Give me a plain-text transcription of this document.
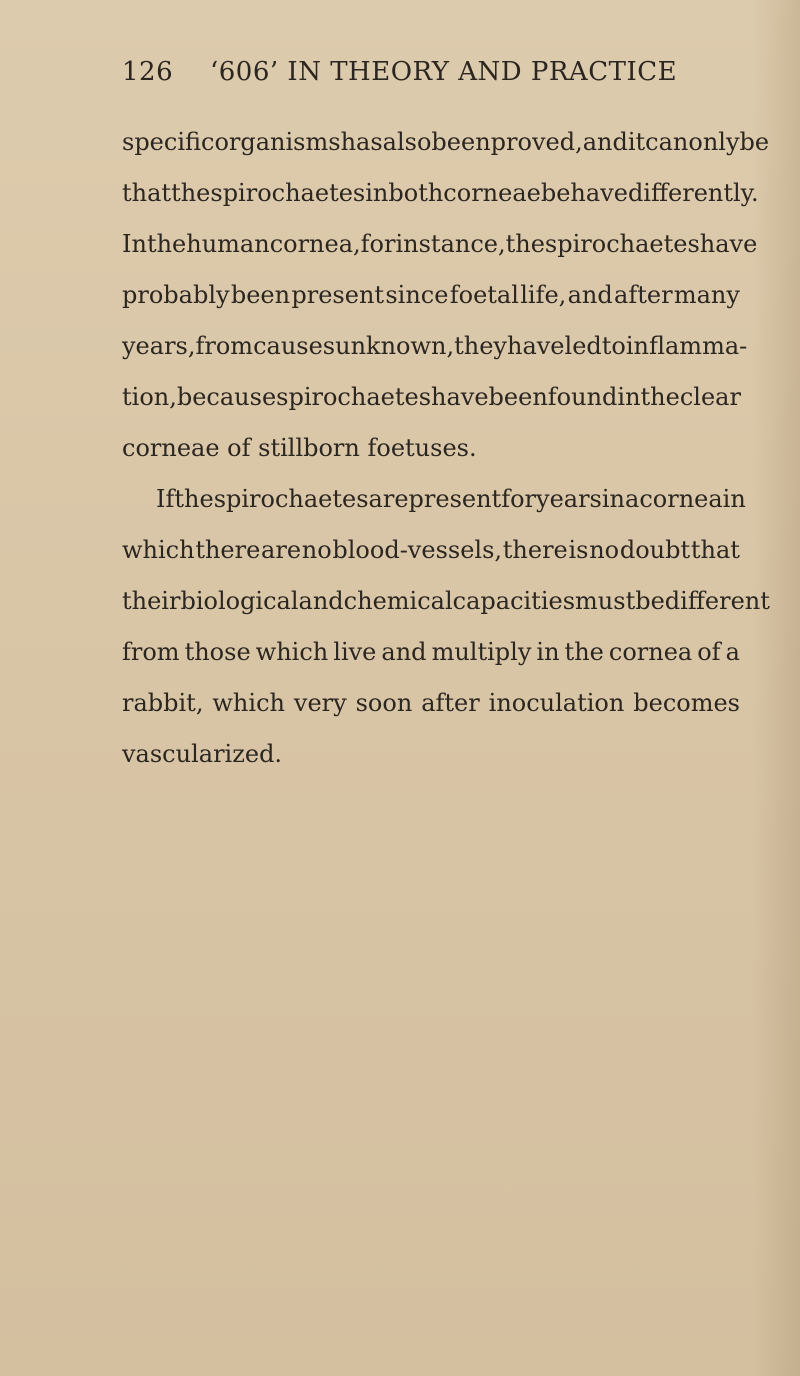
126 ‘606’ IN THEORY AND PRACTICE
specific organisms has also been proved, and it can only be
that the spirochaetes in both corneae behave differently.
In the human cornea, for instance, the spirochaetes have
probably been present since foetal life, and after many
years, from causes unknown, they have led to inflamma-
tion, because spirochaetes have been found in the clear
corneae of stillborn foetuses.
If the spirochaetes are present for years in a cornea in
which there are no blood-vessels, there is no doubt that
their biological and chemical capacities must be different
from those which live and multiply in the cornea of a
rabbit, which very soon after inoculation becomes
vascularized.
